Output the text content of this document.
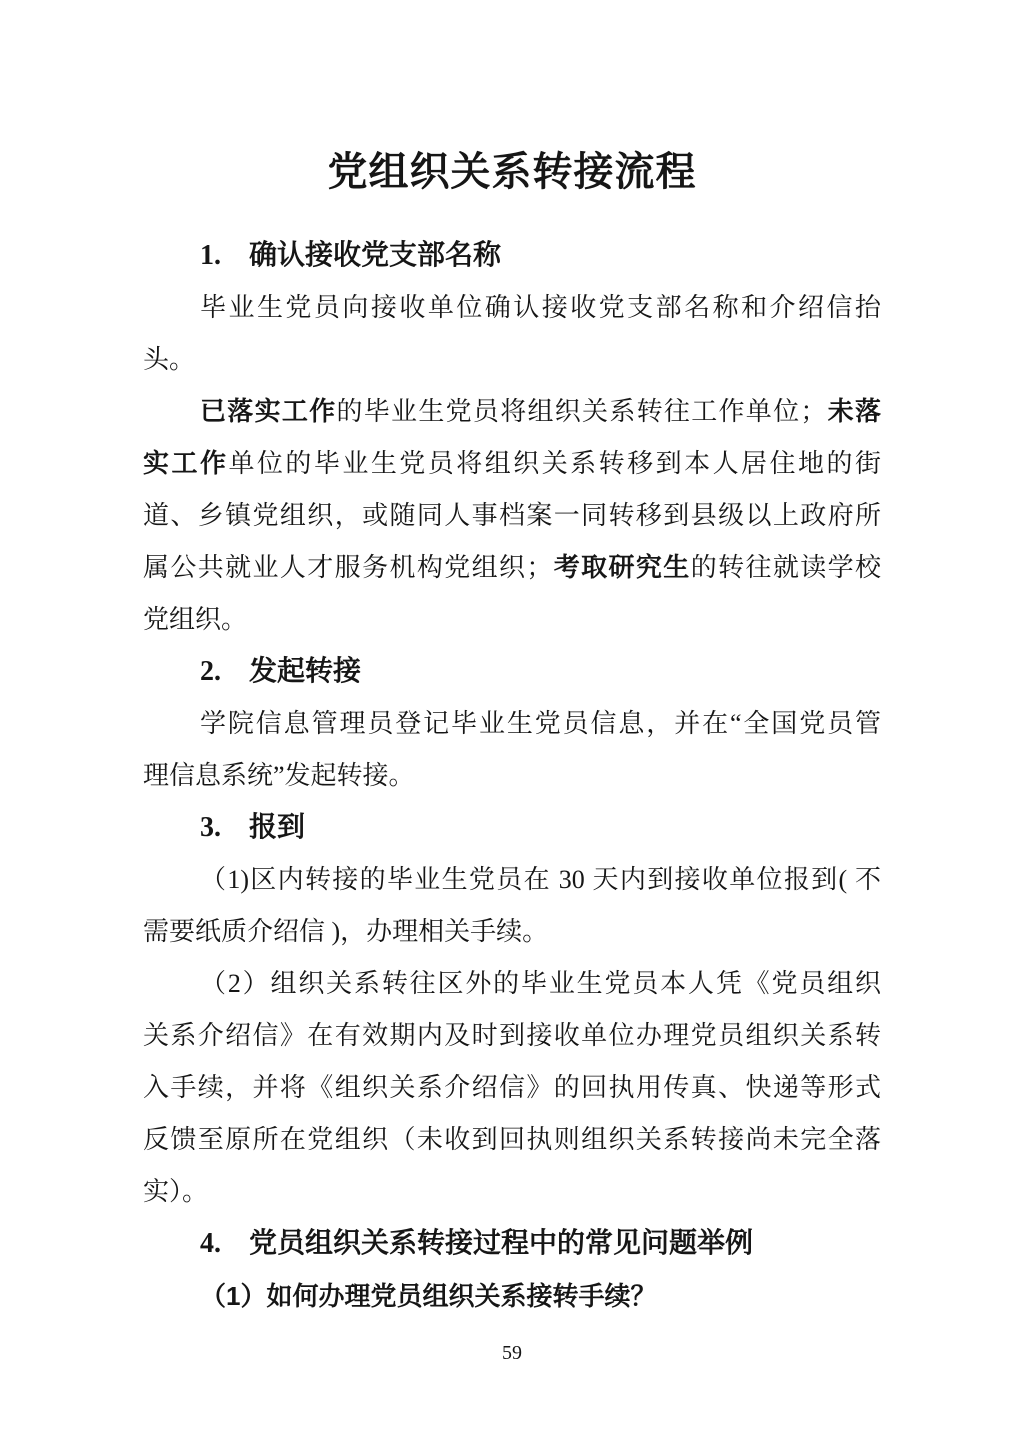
党组织关系转接流程
1.　确认接收党支部名称
毕业生党员向接收单位确认接收党支部名称和介绍信抬
头。
已落实工作的毕业生党员将组织关系转往工作单位；未落
实工作单位的毕业生党员将组织关系转移到本人居住地的街
道、乡镇党组织，或随同人事档案一同转移到县级以上政府所
属公共就业人才服务机构党组织；考取研究生的转往就读学校
党组织。
2.　发起转接
学院信息管理员登记毕业生党员信息，并在“全国党员管
理信息系统”发起转接。
3.　报到
（1)区内转接的毕业生党员在 30 天内到接收单位报到( 不
需要纸质介绍信 )，办理相关手续。
（2）组织关系转往区外的毕业生党员本人凭《党员组织
关系介绍信》在有效期内及时到接收单位办理党员组织关系转
入手续，并将《组织关系介绍信》的回执用传真、快递等形式
反馈至原所在党组织（未收到回执则组织关系转接尚未完全落
实）。
4.　党员组织关系转接过程中的常见问题举例
（1）如何办理党员组织关系接转手续？
59
